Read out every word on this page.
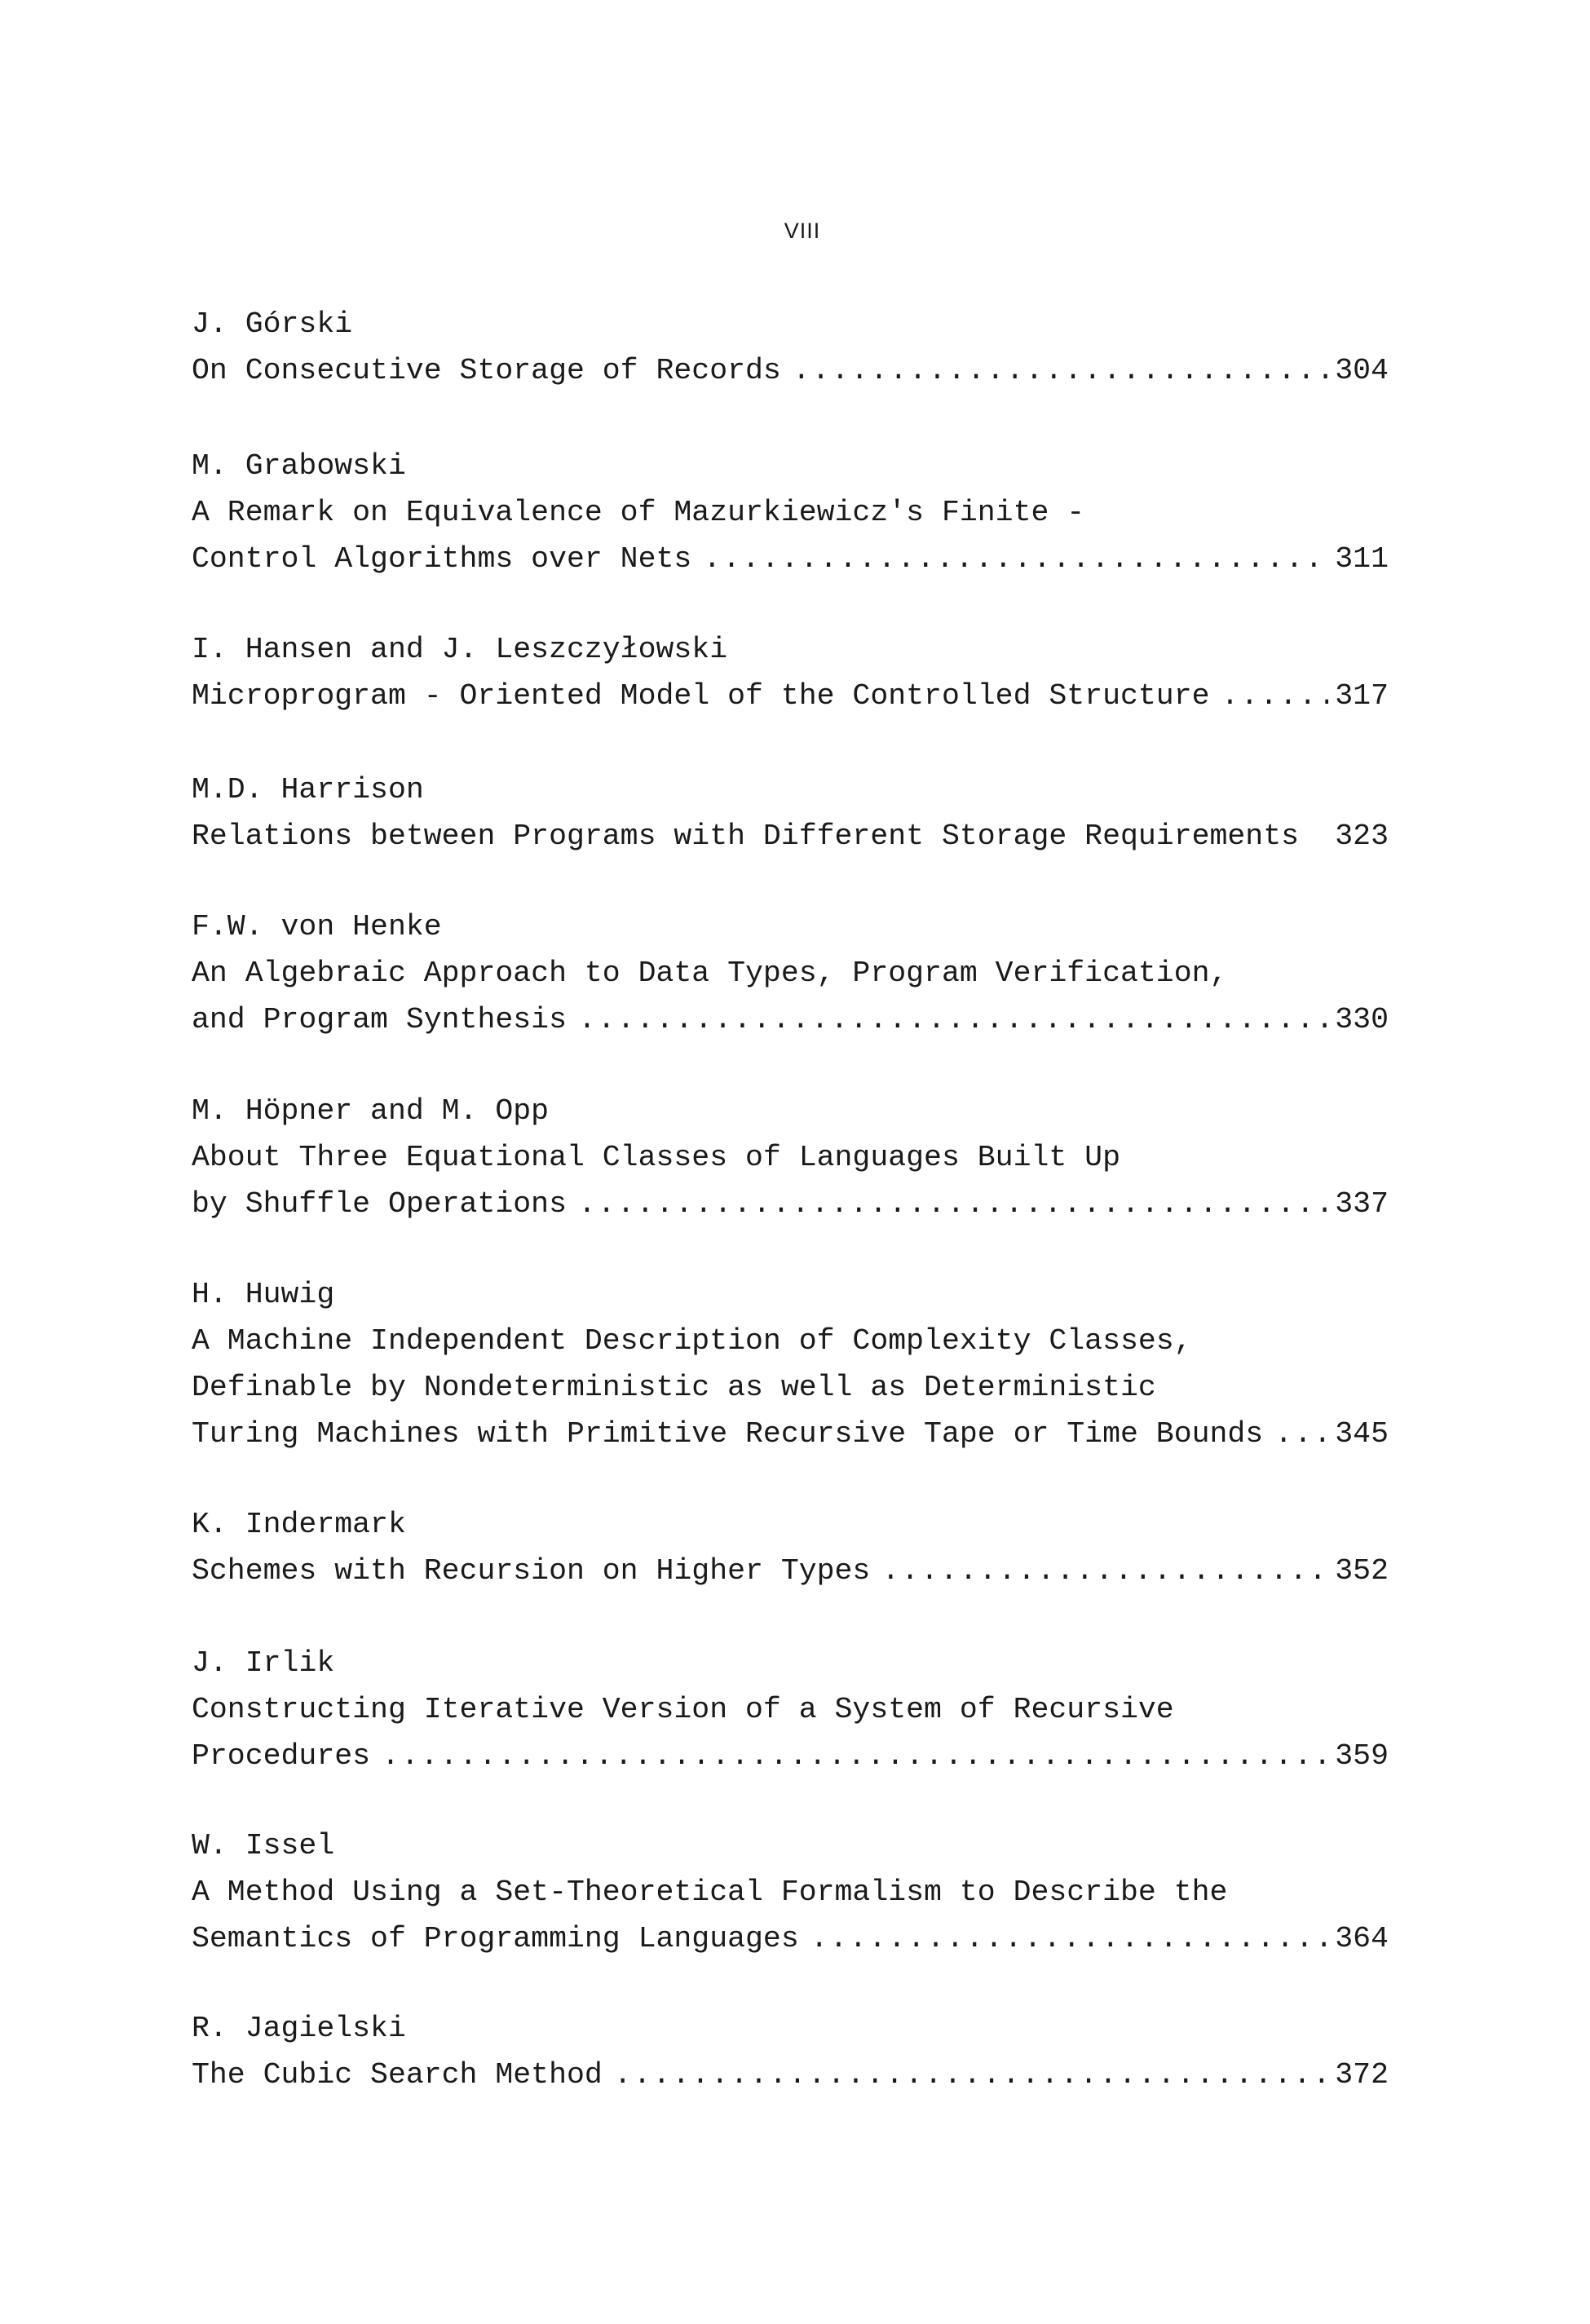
VIII
J. Górski
On Consecutive Storage of Records . . .	304
M. Grabowski
A Remark on Equivalence of Mazurkiewicz's Finite -
Control Algorithms over Nets . . .	311
I. Hansen and J. Leszczyłowski
Microprogram - Oriented Model of the Controlled Structure . . .	317
M.D. Harrison
Relations between Programs with Different Storage Requirements 323
F.W. von Henke
An Algebraic Approach to Data Types, Program Verification,
and Program Synthesis . . .	330
M. Höpner and M. Opp
About Three Equational Classes of Languages Built Up
by Shuffle Operations . . .	337
H. Huwig
A Machine Independent Description of Complexity Classes,
Definable by Nondeterministic as well as Deterministic
Turing Machines with Primitive Recursive Tape or Time Bounds . . . 345
K. Indermark
Schemes with Recursion on Higher Types . . .	352
J. Irlik
Constructing Iterative Version of a System of Recursive
Procedures . . .	359
W. Issel
A Method Using a Set-Theoretical Formalism to Describe the
Semantics of Programming Languages . . .	364
R. Jagielski
The Cubic Search Method . . .	372
